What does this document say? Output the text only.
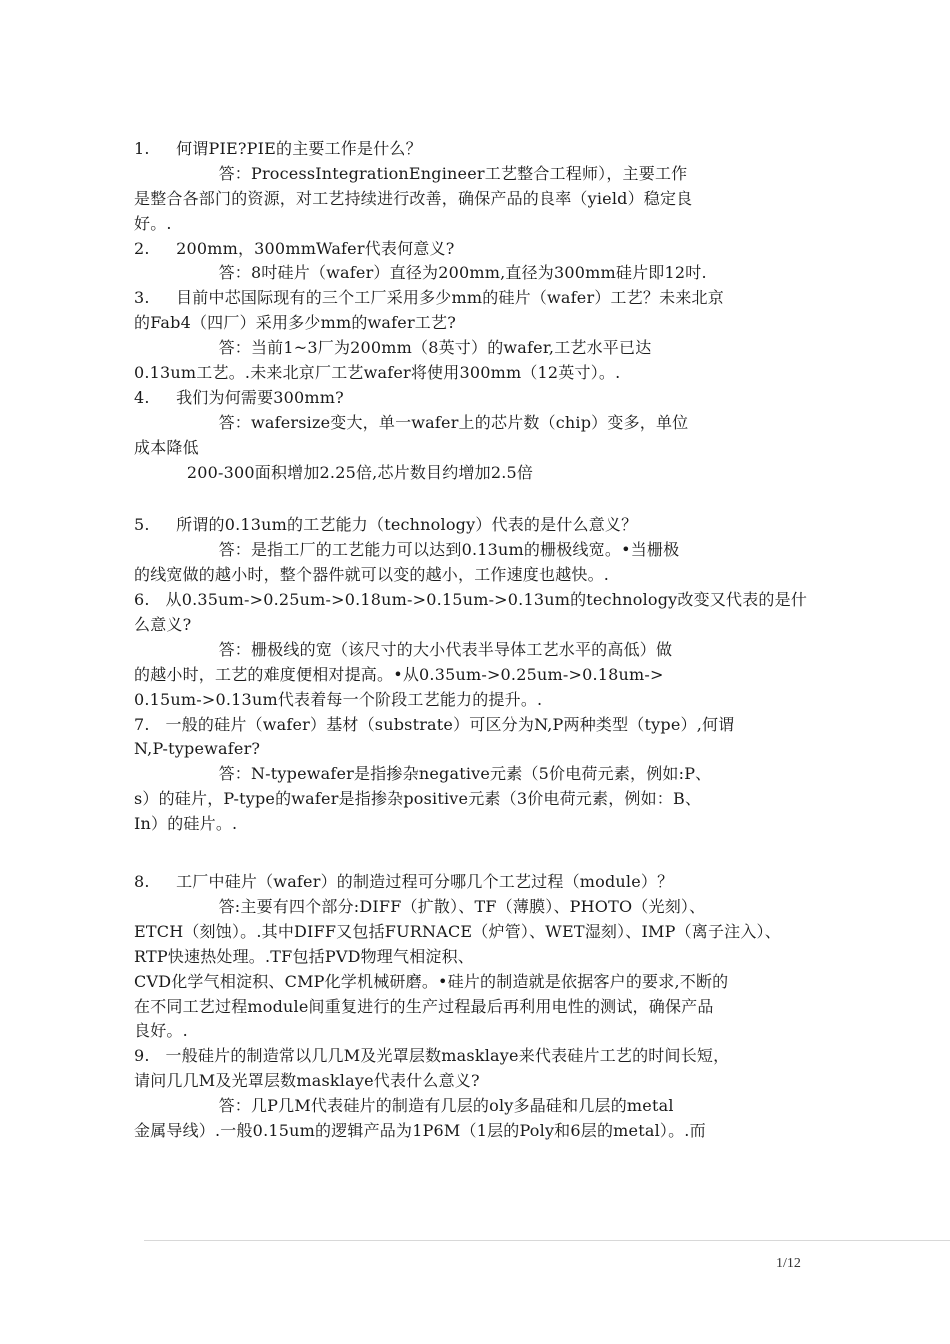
1.     何谓PIE?PIE的主要工作是什么？
答：ProcessIntegrationEngineer工艺整合工程师），主要工作
是整合各部门的资源，对工艺持续进行改善，确保产品的良率（yield）稳定良
好。.
2.     200mm，300mmWafer代表何意义?
答：8吋硅片（wafer）直径为200mm,直径为300mm硅片即12吋.
3.     目前中芯国际现有的三个工厂采用多少mm的硅片（wafer）工艺？未来北京
的Fab4（四厂）采用多少mm的wafer工艺?
答：当前1~3厂为200mm（8英寸）的wafer,工艺水平已达
0.13um工艺。.未来北京厂工艺wafer将使用300mm（12英寸）。.
4.     我们为何需要300mm?
答：wafersize变大，单一wafer上的芯片数（chip）变多，单位
成本降低
200-300面积增加2.25倍,芯片数目约增加2.5倍
5.     所谓的0.13um的工艺能力（technology）代表的是什么意义？
答：是指工厂的工艺能力可以达到0.13um的栅极线宽。•当栅极
的线宽做的越小时，整个器件就可以变的越小，工作速度也越快。.
6.   从0.35um->0.25um->0.18um->0.15um->0.13um的technology改变又代表的是什
么意义?
答：栅极线的宽（该尺寸的大小代表半导体工艺水平的高低）做
的越小时，工艺的难度便相对提高。•从0.35um->0.25um->0.18um->
0.15um->0.13um代表着每一个阶段工艺能力的提升。.
7.   一般的硅片（wafer）基材（substrate）可区分为N,P两种类型（type）,何谓
N,P-typewafer?
答：N-typewafer是指掺杂negative元素（5价电荷元素，例如:P、
s）的硅片，P-type的wafer是指掺杂positive元素（3价电荷元素，例如：B、
In）的硅片。.
8.     工厂中硅片（wafer）的制造过程可分哪几个工艺过程（module）？
答:主要有四个部分:DIFF（扩散）、TF（薄膜）、PHOTO（光刻）、
ETCH（刻蚀）。.其中DIFF又包括FURNACE（炉管）、WET湿刻）、IMP（离子注入）、
RTP快速热处理。.TF包括PVD物理气相淀积、
CVD化学气相淀积、CMP化学机械研磨。•硅片的制造就是依据客户的要求,不断的
在不同工艺过程module间重复进行的生产过程最后再利用电性的测试，确保产品
良好。.
9.   一般硅片的制造常以几几M及光罩层数masklaye来代表硅片工艺的时间长短，
请问几几M及光罩层数masklaye代表什么意义?
答：几P几M代表硅片的制造有几层的oly多晶硅和几层的metal
金属导线）.一般0.15um的逻辑产品为1P6M（1层的Poly和6层的metal）。.而
1/12
